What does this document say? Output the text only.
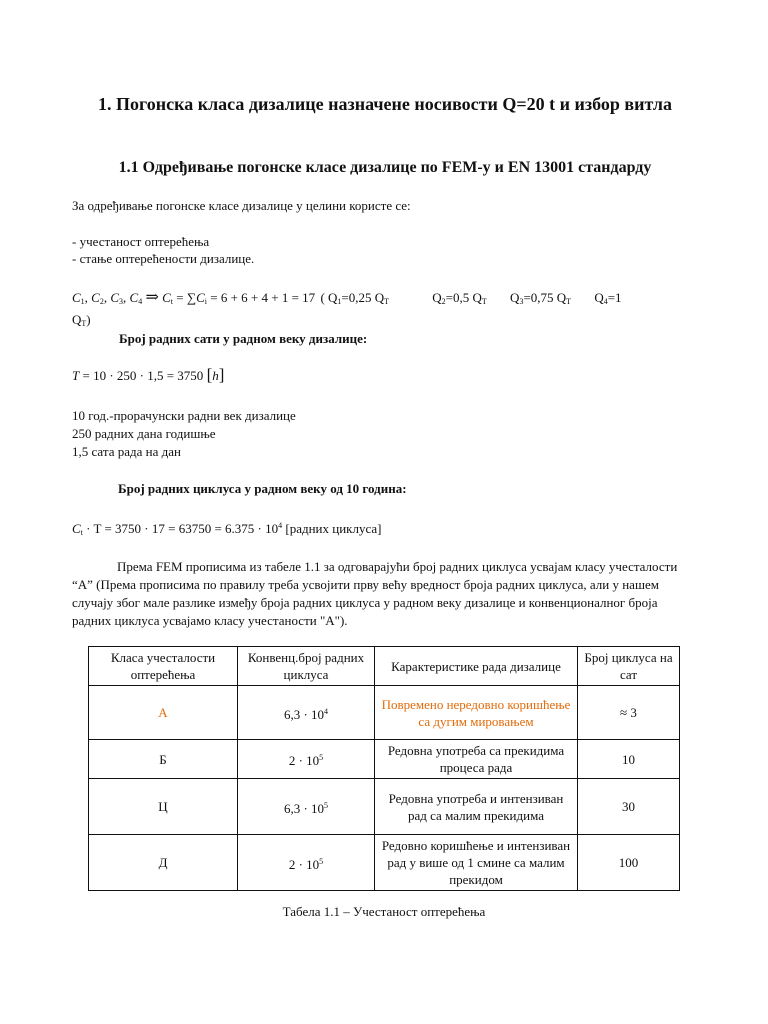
1. Погонска класа дизалице назначене носивости Q=20 t и избор витла
1.1 Одређивање погонске класе дизалице по FEM-у и EN 13001 стандарду
За одређивање погонске класе дизалице у целини користе се:
- учестаност оптерећења
- стање оптерећености дизалице.
$C_1$, $C_2$, $C_3$, $C_4$ ⇒ $C_t = \sum C_i = 6 + 6 + 4 + 1 = 17$ ( $Q_1=0,25$ $Q_T$	$Q_2=0,5$ $Q_T$ $Q_3=0,75$ $Q_T$ $Q_4=1$
$Q_T$)
Број радних сати у радном веку дизалице:
T = 10 · 250 · 1,5 = 3750 [h]
10 год.-прорачунски радни век дизалице
250 радних дана годишње
1,5 сата рада на дан
Број радних циклуса у радном веку од 10 година:
$C_t \cdot T = 3750 \cdot 17 = 63750 = 6.375 \cdot 10^4$ [радних циклуса]
Према FEM прописима из табеле 1.1 за одговарајући број радних циклуса усвајам класу учесталости “А” (Према прописима по правилу треба усвојити прву већу вредност броја радних циклуса, али у нашем случају због мале разлике између броја радних циклуса у радном веку дизалице и конвенционалног броја радних циклуса усвајамо класу учестаности "А").
Класа учесталости оптерећења	Конвенц.број радних циклуса	Карактеристике рада дизалице	Број циклуса на сат
А	$6,3 \cdot 10^4$	Повремено нередовно коришћење са дугим мировањем	≈ 3
Б	$2 \cdot 10^5$	Редовна употреба са прекидима процеса рада	10
Ц	$6,3 \cdot 10^5$	Редовна употреба и интензиван рад са малим прекидима	30
Д	$2 \cdot 10^5$	Редовно коришћење и интензиван рад у више од 1 смине са малим прекидом	100
Табела 1.1 – Учестаност оптерећења
